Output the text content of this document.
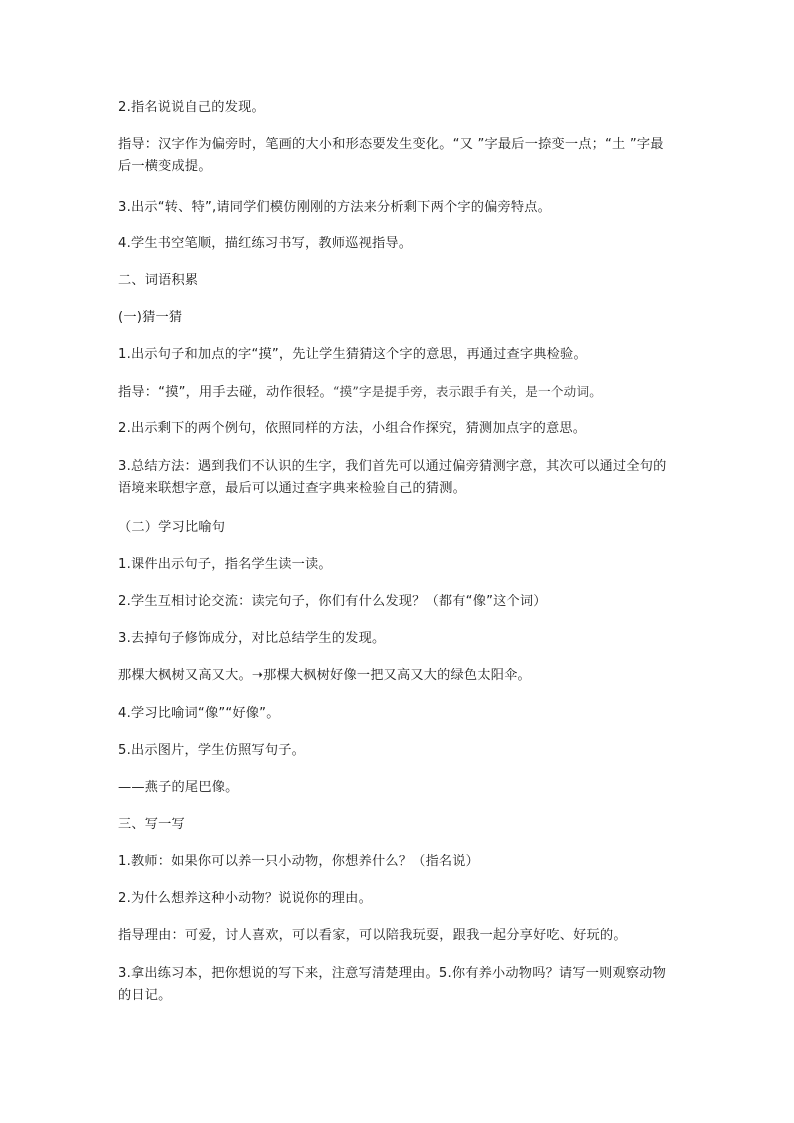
2.指名说说自己的发现。
指导：汉字作为偏旁时，笔画的大小和形态要发生变化。“又 ”字最后一捺变一点；“土 ”字最后一横变成提。
3.出示“转、特”,请同学们模仿刚刚的方法来分析剩下两个字的偏旁特点。
4.学生书空笔顺，描红练习书写，教师巡视指导。
二、词语积累
(一)猜一猜
1.出示句子和加点的字“摸”，先让学生猜猜这个字的意思，再通过查字典检验。
指导：“摸”，用手去碰，动作很轻。“摸”字是提手旁，表示跟手有关，是一个动词。
2.出示剩下的两个例句，依照同样的方法，小组合作探究，猜测加点字的意思。
3.总结方法：遇到我们不认识的生字，我们首先可以通过偏旁猜测字意，其次可以通过全句的语境来联想字意，最后可以通过查字典来检验自己的猜测。
（二）学习比喻句
1.课件出示句子，指名学生读一读。
2.学生互相讨论交流：读完句子，你们有什么发现？（都有“像”这个词）
3.去掉句子修饰成分，对比总结学生的发现。
那棵大枫树又高又大。➝那棵大枫树好像一把又高又大的绿色太阳伞。
4.学习比喻词“像”“好像”。
5.出示图片，学生仿照写句子。
——燕子的尾巴像。
三、写一写
1.教师：如果你可以养一只小动物，你想养什么？（指名说）
2.为什么想养这种小动物？说说你的理由。
指导理由：可爱，讨人喜欢，可以看家，可以陪我玩耍，跟我一起分享好吃、好玩的。
3.拿出练习本，把你想说的写下来，注意写清楚理由。5.你有养小动物吗？请写一则观察动物的日记。
